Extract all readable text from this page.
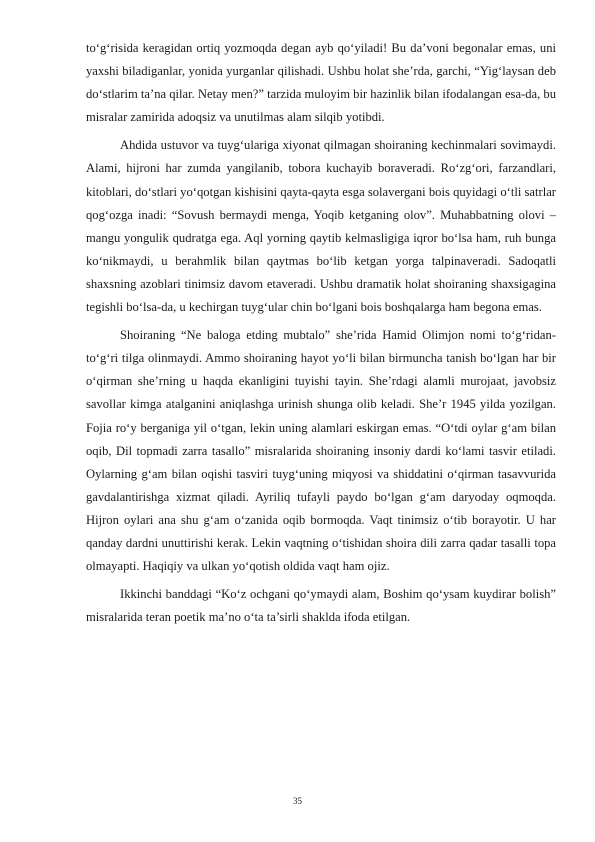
to‘g‘risida keragidan ortiq yozmoqda degan ayb qo‘yiladi! Bu da’voni begonalar emas, uni yaxshi biladiganlar, yonida yurganlar qilishadi. Ushbu holat she’rda, garchi, “Yig‘laysan deb do‘stlarim ta’na qilar. Netay men?” tarzida muloyim bir hazinlik bilan ifodalangan esa-da, bu misralar zamirida adoqsiz va unutilmas alam silqib yotibdi.

Ahdida ustuvor va tuyg‘ulariga xiyonat qilmagan shoiraning kechinmalari sovimaydi. Alami, hijroni har zumda yangilanib, tobora kuchayib boraveradi. Ro‘zg‘ori, farzandlari, kitoblari, do‘stlari yo‘qotgan kishisini qayta-qayta esga solavergani bois quyidagi o‘tli satrlar qog‘ozga inadi: “Sovush bermaydi menga, Yoqib ketganing olov”. Muhabbatning olovi – mangu yongulik qudratga ega. Aql yorning qaytib kelmasligiga iqror bo‘lsa ham, ruh bunga ko‘nikmaydi, u berahmlik bilan qaytmas bo‘lib ketgan yorga talpinaveradi. Sadoqatli shaxsning azoblari tinimsiz davom etaveradi. Ushbu dramatik holat shoiraning shaxsigagina tegishli bo‘lsa-da, u kechirgan tuyg‘ular chin bo‘lgani bois boshqalarga ham begona emas.

Shoiraning “Ne baloga etding mubtalo” she’rida Hamid Olimjon nomi to‘g‘ridan-to‘g‘ri tilga olinmaydi. Ammo shoiraning hayot yo‘li bilan birmuncha tanish bo‘lgan har bir o‘qirman she’rning u haqda ekanligini tuyishi tayin. She’rdagi alamli murojaat, javobsiz savollar kimga atalganini aniqlashga urinish shunga olib keladi. She’r 1945 yilda yozilgan. Fojia ro‘y berganiga yil o‘tgan, lekin uning alamlari eskirgan emas. “O‘tdi oylar g‘am bilan oqib, Dil topmadi zarra tasallo” misralarida shoiraning insoniy dardi ko‘lami tasvir etiladi. Oylarning g‘am bilan oqishi tasviri tuyg‘uning miqyosi va shiddatini o‘qirman tasavvurida gavdalantirishga xizmat qiladi. Ayriliq tufayli paydo bo‘lgan g‘am daryoday oqmoqda. Hijron oylari ana shu g‘am o‘zanida oqib bormoqda. Vaqt tinimsiz o‘tib borayotir. U har qanday dardni unuttirishi kerak. Lekin vaqtning o‘tishidan shoira dili zarra qadar tasalli topa olmayapti. Haqiqiy va ulkan yo‘qotish oldida vaqt ham ojiz.

Ikkinchi banddagi “Ko‘z ochgani qo‘ymaydi alam, Boshim qo‘ysam kuydirar bolish” misralarida teran poetik ma’no o‘ta ta’sirli shaklda ifoda etilgan.

35
